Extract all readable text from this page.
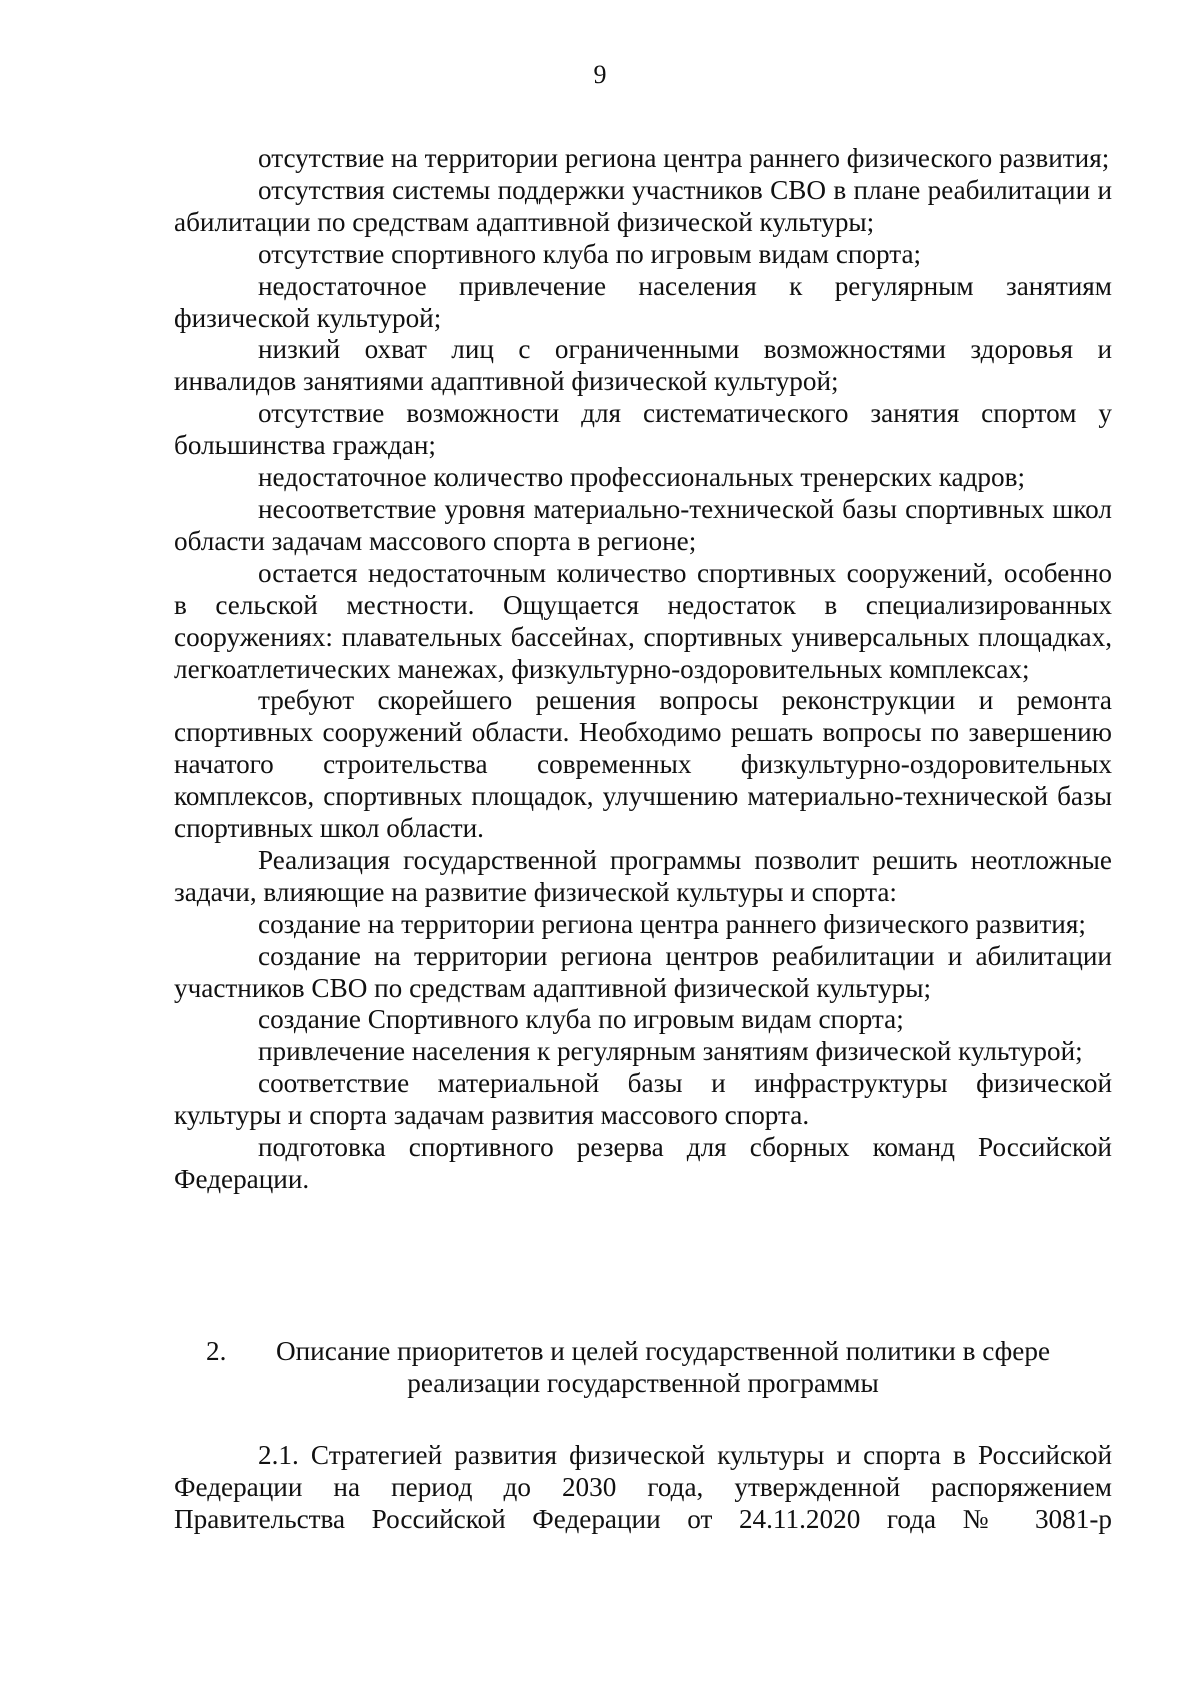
9

отсутствие на территории региона центра раннего физического развития;

отсутствия системы поддержки участников СВО в плане реабилитации и абилитации по средствам адаптивной физической культуры;

отсутствие спортивного клуба по игровым видам спорта;

недостаточное привлечение населения к регулярным занятиям физической культурой;

низкий охват лиц с ограниченными возможностями здоровья и инвалидов занятиями адаптивной физической культурой;

отсутствие возможности для систематического занятия спортом у большинства граждан;

недостаточное количество профессиональных тренерских кадров;

несоответствие уровня материально-технической базы спортивных школ области задачам массового спорта в регионе;

остается недостаточным количество спортивных сооружений, особенно в сельской местности. Ощущается недостаток в специализированных сооружениях: плавательных бассейнах, спортивных универсальных площадках, легкоатлетических манежах, физкультурно-оздоровительных комплексах;

требуют скорейшего решения вопросы реконструкции и ремонта спортивных сооружений области. Необходимо решать вопросы по завершению начатого строительства современных физкультурно-оздоровительных комплексов, спортивных площадок, улучшению материально-технической базы спортивных школ области.

Реализация государственной программы позволит решить неотложные задачи, влияющие на развитие физической культуры и спорта:

создание на территории региона центра раннего физического развития;

создание на территории региона центров реабилитации и абилитации участников СВО по средствам адаптивной физической культуры;

создание Спортивного клуба по игровым видам спорта;

привлечение населения к регулярным занятиям физической культурой;

соответствие материальной базы и инфраструктуры физической культуры и спорта задачам развития массового спорта.

подготовка спортивного резерва для сборных команд Российской Федерации.

2. Описание приоритетов и целей государственной политики в сфере
реализации государственной программы

2.1. Стратегией развития физической культуры и спорта в Российской Федерации на период до 2030 года, утвержденной распоряжением Правительства Российской Федерации от 24.11.2020 года № 3081-р
